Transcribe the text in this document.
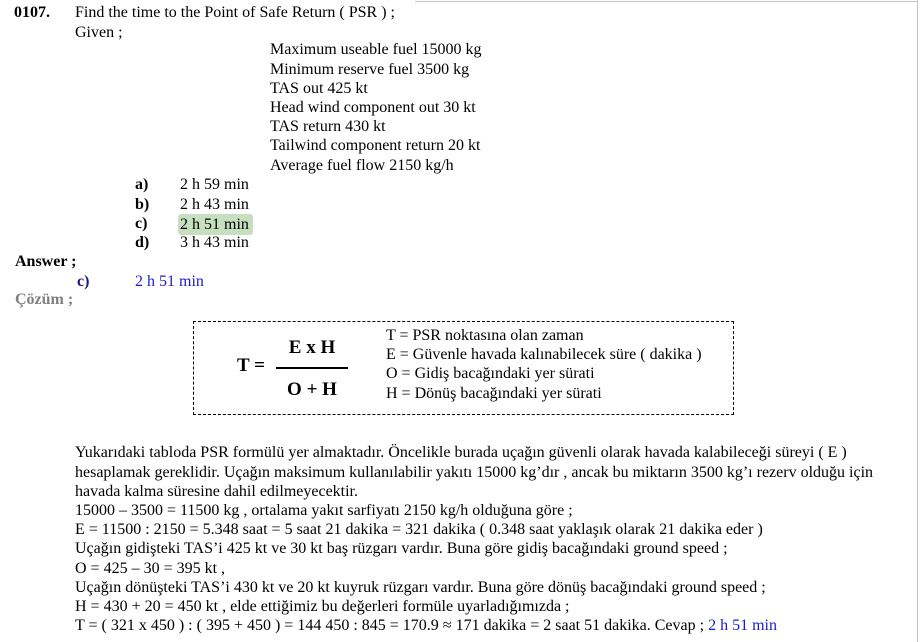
0107. Find the time to the Point of Safe Return ( PSR ) ;
Given ;
Maximum useable fuel 15000 kg
Minimum reserve fuel 3500 kg
TAS out 425 kt
Head wind component out 30 kt
TAS return 430 kt
Tailwind component return 20 kt
Average fuel flow 2150 kg/h
a) 2 h 59 min
b) 2 h 43 min
c) 2 h 51 min
d) 3 h 43 min
Answer ;
c)	2 h 51 min
Çözüm ;
T =
E x H
O + H
T = PSR noktasına olan zaman
E = Güvenle havada kalınabilecek süre ( dakika )
O = Gidiş bacağındaki yer sürati
H = Dönüş bacağındaki yer sürati
Yukarıdaki tabloda PSR formülü yer almaktadır. Öncelikle burada uçağın güvenli olarak havada kalabileceği süreyi ( E )
hesaplamak gereklidir. Uçağın maksimum kullanılabilir yakıtı 15000 kg’dır , ancak bu miktarın 3500 kg’ı rezerv olduğu için
havada kalma süresine dahil edilmeyecektir.
15000 – 3500 = 11500 kg , ortalama yakıt sarfiyatı 2150 kg/h olduğuna göre ;
E = 11500 : 2150 = 5.348 saat = 5 saat 21 dakika = 321 dakika ( 0.348 saat yaklaşık olarak 21 dakika eder )
Uçağın gidişteki TAS’i 425 kt ve 30 kt baş rüzgarı vardır. Buna göre gidiş bacağındaki ground speed ;
O = 425 – 30 = 395 kt ,
Uçağın dönüşteki TAS’i 430 kt ve 20 kt kuyruk rüzgarı vardır. Buna göre dönüş bacağındaki ground speed ;
H = 430 + 20 = 450 kt , elde ettiğimiz bu değerleri formüle uyarladığımızda ;
T = ( 321 x 450 ) : ( 395 + 450 ) = 144 450 : 845 = 170.9 ≈ 171 dakika = 2 saat 51 dakika. Cevap ; 2 h 51 min
